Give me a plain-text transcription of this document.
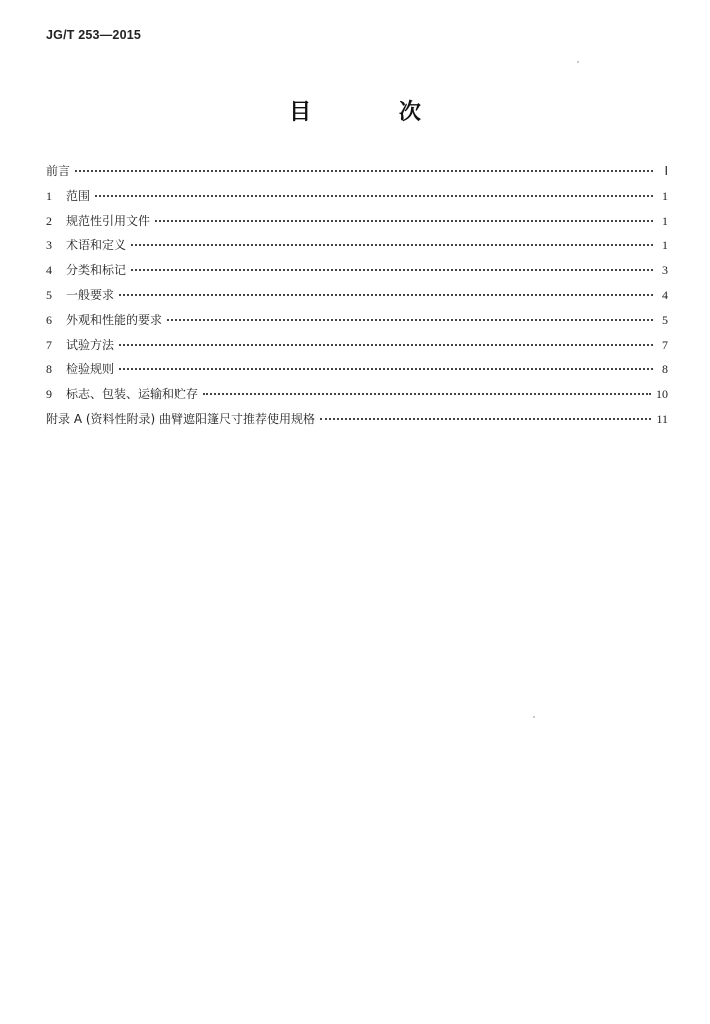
JG/T 253—2015
目 次
前言	Ⅰ
1	范围	1
2	规范性引用文件	1
3	术语和定义	1
4	分类和标记	3
5	一般要求	4
6	外观和性能的要求	5
7	试验方法	7
8	检验规则	8
9	标志、包装、运输和贮存	10
附录 A (资料性附录) 曲臂遮阳篷尺寸推荐使用规格	11
